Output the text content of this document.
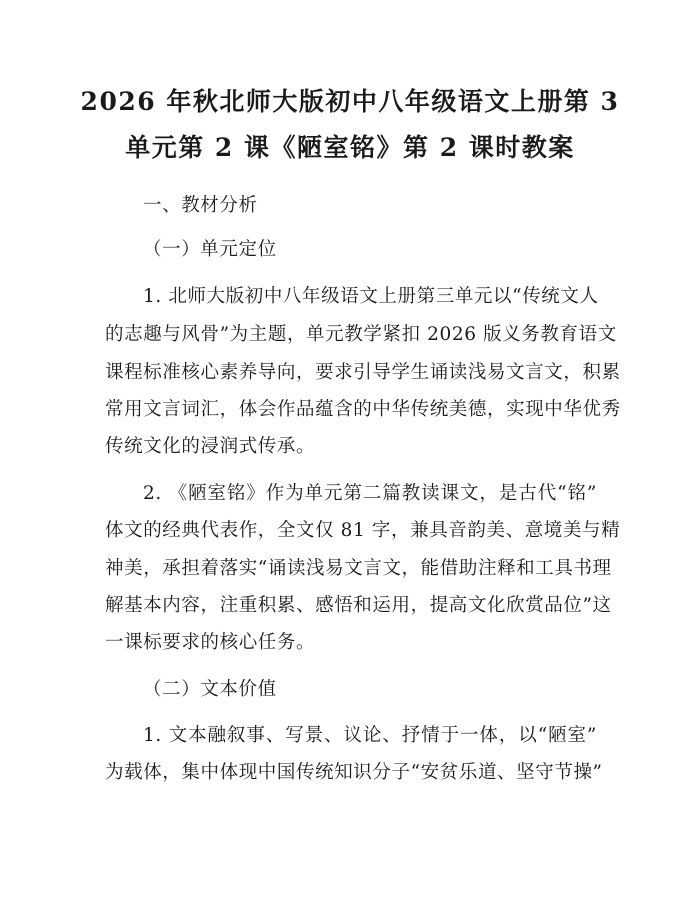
2026 年秋北师大版初中八年级语文上册第 3
单元第 2 课《陋室铭》第 2 课时教案
一、教材分析
（一）单元定位
1. 北师大版初中八年级语文上册第三单元以“传统文人
的志趣与风骨”为主题，单元教学紧扣 2026 版义务教育语文
课程标准核心素养导向，要求引导学生诵读浅易文言文，积累
常用文言词汇，体会作品蕴含的中华传统美德，实现中华优秀
传统文化的浸润式传承。
2. 《陋室铭》作为单元第二篇教读课文，是古代“铭”
体文的经典代表作，全文仅 81 字，兼具音韵美、意境美与精
神美，承担着落实“诵读浅易文言文，能借助注释和工具书理
解基本内容，注重积累、感悟和运用，提高文化欣赏品位”这
一课标要求的核心任务。
（二）文本价值
1. 文本融叙事、写景、议论、抒情于一体，以“陋室”
为载体，集中体现中国传统知识分子“安贫乐道、坚守节操”
